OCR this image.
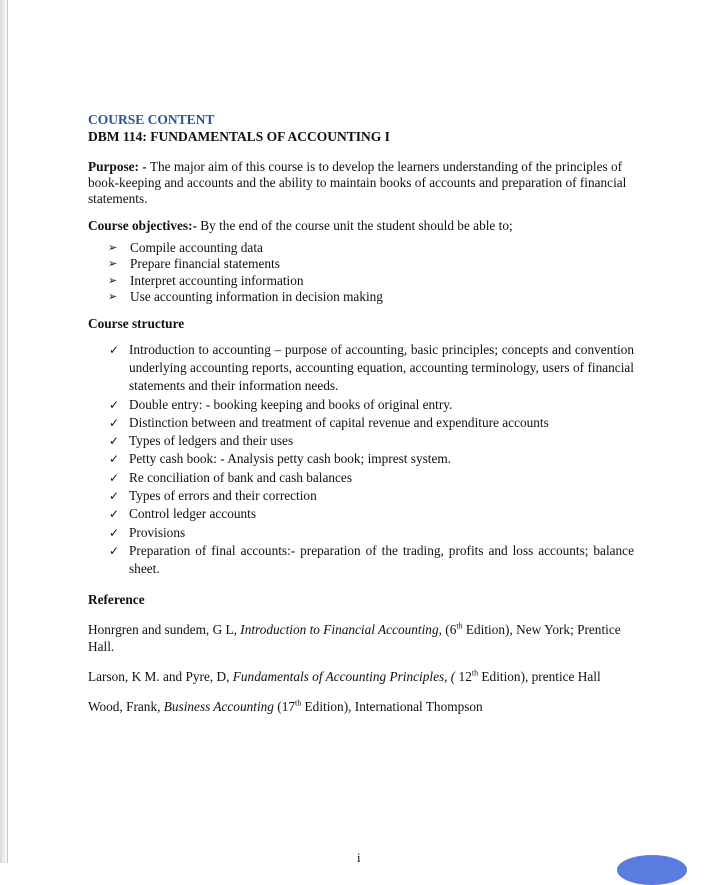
COURSE CONTENT
DBM 114: FUNDAMENTALS OF ACCOUNTING I

Purpose: - The major aim of this course is to develop the learners understanding of the principles of book-keeping and accounts and the ability to maintain books of accounts and preparation of financial statements.

Course objectives:- By the end of the course unit the student should be able to;

➢ Compile accounting data
➢ Prepare financial statements
➢ Interpret accounting information
➢ Use accounting information in decision making

Course structure

✓ Introduction to accounting – purpose of accounting, basic principles; concepts and convention underlying accounting reports, accounting equation, accounting terminology, users of financial statements and their information needs.
✓ Double entry: - booking keeping and books of original entry.
✓ Distinction between and treatment of capital revenue and expenditure accounts
✓ Types of ledgers and their uses
✓ Petty cash book: - Analysis petty cash book; imprest system.
✓ Re conciliation of bank and cash balances
✓ Types of errors and their correction
✓ Control ledger accounts
✓ Provisions
✓ Preparation of final accounts:- preparation of the trading, profits and loss accounts; balance sheet.

Reference

Honrgren and sundem, G L, Introduction to Financial Accounting, (6th Edition), New York; Prentice Hall.

Larson, K M. and Pyre, D, Fundamentals of Accounting Principles, ( 12th Edition), prentice Hall

Wood, Frank, Business Accounting (17th Edition), International Thompson

i
